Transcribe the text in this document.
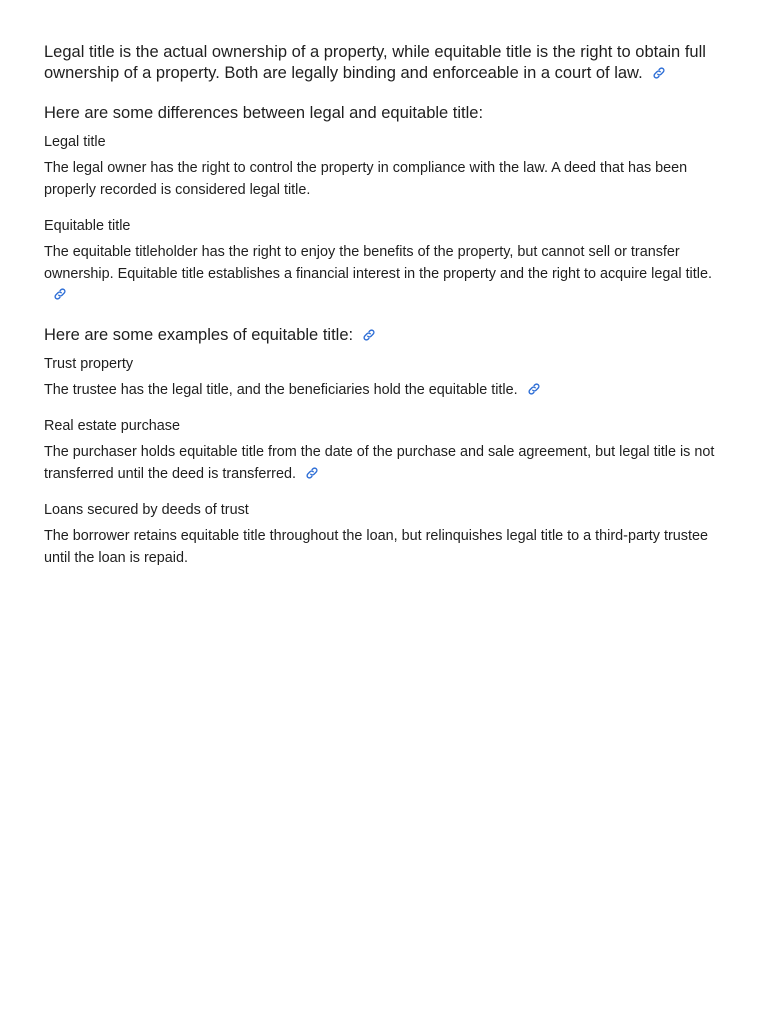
Legal title is the actual ownership of a property, while equitable title is the right to obtain full ownership of a property. Both are legally binding and enforceable in a court of law.

Here are some differences between legal and equitable title:

Legal title

The legal owner has the right to control the property in compliance with the law. A deed that has been properly recorded is considered legal title.

Equitable title

The equitable titleholder has the right to enjoy the benefits of the property, but cannot sell or transfer ownership. Equitable title establishes a financial interest in the property and the right to acquire legal title.

Here are some examples of equitable title:

Trust property

The trustee has the legal title, and the beneficiaries hold the equitable title.

Real estate purchase

The purchaser holds equitable title from the date of the purchase and sale agreement, but legal title is not transferred until the deed is transferred.

Loans secured by deeds of trust

The borrower retains equitable title throughout the loan, but relinquishes legal title to a third-party trustee until the loan is repaid.
